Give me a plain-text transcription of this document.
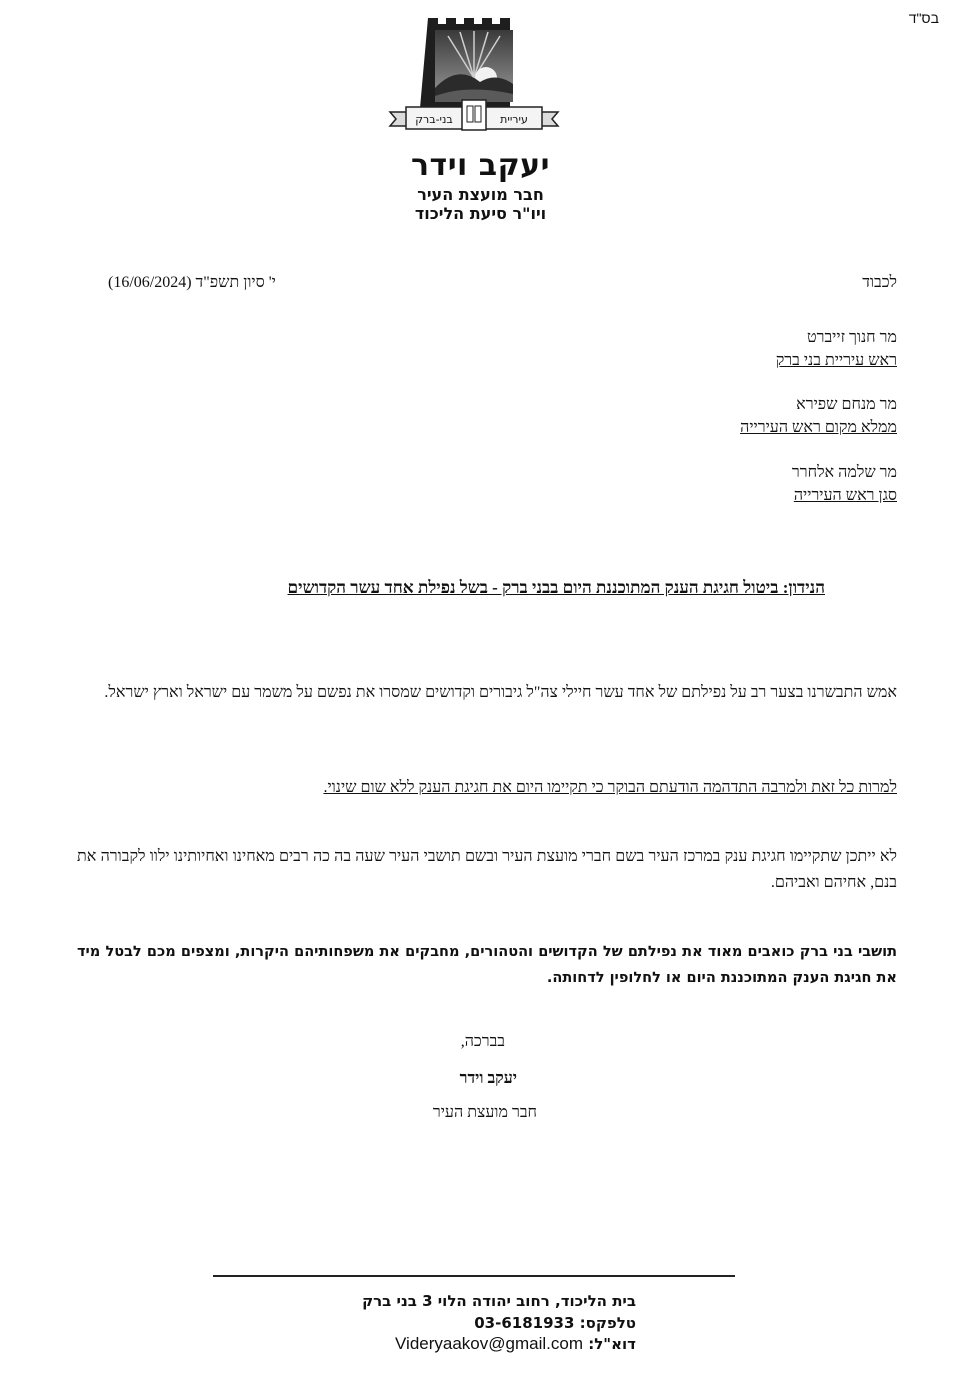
בס"ד
בני-ברק	עיריית
יעקב וידר
חבר מועצת העיר
ויו"ר סיעת הליכוד
לכבוד
י' סיון תשפ"ד (16/06/2024)
מר חנוך זייברט
ראש עיריית בני ברק
מר מנחם שפירא
ממלא מקום ראש העירייה
מר שלמה אלחרר
סגן ראש העירייה
הנידון: ביטול חגיגת הענק המתוכננת היום בבני ברק - בשל נפילת אחד עשר הקדושים
אמש התבשרנו בצער רב על נפילתם של אחד עשר חיילי צה"ל גיבורים וקדושים שמסרו את נפשם על משמר עם ישראל וארץ ישראל.
למרות כל זאת ולמרבה התדהמה הודעתם הבוקר כי תקיימו היום את חגיגת הענק ללא שום שינוי.
לא ייתכן שתקיימו חגיגת ענק במרכז העיר בשם חברי מועצת העיר ובשם תושבי העיר שעה בה כה רבים מאחינו ואחיותינו ילוו לקבורה את בנם, אחיהם ואביהם.
תושבי בני ברק כואבים מאוד את נפילתם של הקדושים והטהורים, מחבקים את משפחותיהם היקרות, ומצפים מכם לבטל מיד את חגיגת הענק המתוכננת היום או לחלופין לדחותה.
בברכה,
יעקב וידר
חבר מועצת העיר
בית הליכוד, רחוב יהודה הלוי 3 בני ברק
טלפקס: 03-6181933
דוא"ל: Videryaakov@gmail.com
